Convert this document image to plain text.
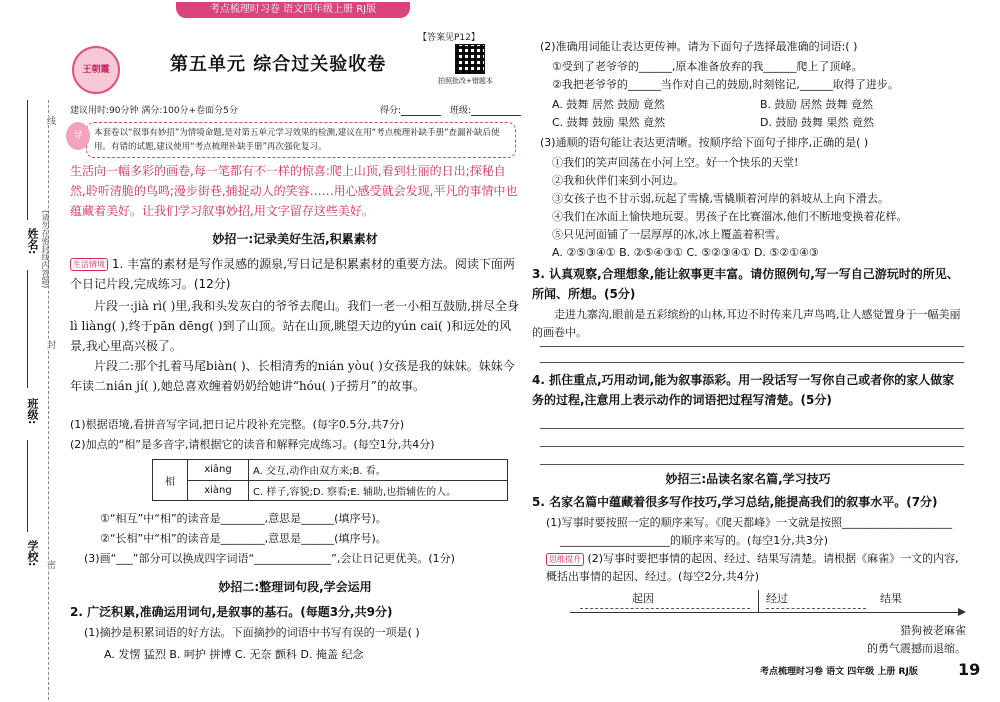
考点梳理时习卷 语文四年级上册 RJ版
王朝霞	第五单元 综合过关验收卷
【答案见P12】
拍照批改+错题本
建议用时:90分钟 满分:100分+卷面分5分	得分:	班级:
姓名:
班级:
学校:
(请勿在密封线内答题)
线
封
密
导	本套卷以“叙事有妙招”为情境命题,是对第五单元学习效果的检测,建议在用“考点梳理补缺手册”查漏补缺后使用。有错的试题,建议使用“考点梳理补缺手册”再次强化复习。
生活向一幅多彩的画卷,每一笔都有不一样的惊喜:爬上山顶,看到壮丽的日出;探秘自然,聆听清脆的鸟鸣;漫步街巷,捕捉动人的笑容……用心感受就会发现,平凡的事情中也蕴藏着美好。让我们学习叙事妙招,用文字留存这些美好。
妙招一:记录美好生活,积累素材
生活情境 1. 丰富的素材是写作灵感的源泉,写日记是积累素材的重要方法。阅读下面两个日记片段,完成练习。(12分)
片段一:jià rì( )里,我和头发灰白的爷爷去爬山。我们一老一小相互鼓励,拼尽全身lì liàng( ),终于pān dēng( )到了山顶。站在山顶,眺望天边的yún cai( )和远处的风景,我心里高兴极了。
片段二:那个扎着马尾biàn( )、长相清秀的nián yòu( )女孩是我的妹妹。妹妹今年读二nián jí( ),她总喜欢缠着奶奶给她讲“hóu( )子捞月”的故事。
(1)根据语境,看拼音写字词,把日记片段补充完整。(每字0.5分,共7分)
(2)加点的“相”是多音字,请根据它的读音和解释完成练习。(每空1分,共4分)
相	xiāng	A. 交互,动作由双方来;B. 看。
	xiàng	C. 样子,容貌;D. 察看;E. 辅助,也指辅佐的人。
①“相互”中“相”的读音是________,意思是______(填序号)。
②“长相”中“相”的读音是________,意思是______(填序号)。
(3)画“___”部分可以换成四字词语“______________”,会让日记更优美。(1分)
妙招二:整理词句段,学会运用
2. 广泛积累,准确运用词句,是叙事的基石。(每题3分,共9分)
(1)摘抄是积累词语的好方法。下面摘抄的词语中书写有误的一项是( )
A. 发愣 猛烈 B. 呵护 拼博 C. 无奈 颤科 D. 掩盖 纪念
(2)准确用词能让表达更传神。请为下面句子选择最准确的词语:( )
①受到了老爷爷的______,原本准备放弃的我______爬上了顶峰。
②我把老爷爷的______当作对自己的鼓励,时刻铭记,______取得了进步。
A. 鼓舞 居然 鼓励 竟然	B. 鼓励 居然 鼓舞 竟然
C. 鼓舞 鼓励 果然 竟然	D. 鼓励 鼓舞 果然 竟然
(3)通顺的语句能让表达更清晰。按顺序给下面句子排序,正确的是( )
①我们的笑声回荡在小河上空。好一个快乐的天堂!
②我和伙伴们来到小河边。
③女孩子也不甘示弱,玩起了雪橇,雪橇顺着河岸的斜坡从上向下滑去。
④我们在冰面上愉快地玩耍。男孩子在比赛溜冰,他们不断地变换着花样。
⑤只见河面铺了一层厚厚的冰,冰上覆盖着积雪。
A. ②⑤③④① B. ②⑤④③① C. ⑤②③④① D. ⑤②①④③
3. 认真观察,合理想象,能让叙事更丰富。请仿照例句,写一写自己游玩时的所见、所闻、所想。(5分)
走进九寨沟,眼前是五彩缤纷的山林,耳边不时传来几声鸟鸣,让人感觉置身于一幅美丽的画卷中。
4. 抓住重点,巧用动词,能为叙事添彩。用一段话写一写你自己或者你的家人做家务的过程,注意用上表示动作的词语把过程写清楚。(5分)
妙招三:品读名家名篇,学习技巧
5. 名家名篇中蕴藏着很多写作技巧,学习总结,能提高我们的叙事水平。(7分)
(1)写事时要按照一定的顺序来写。《爬天都峰》一文就是按照____________________
____________________的顺序来写的。(每空1分,共3分)
思维提升 (2)写事时要把事情的起因、经过、结果写清楚。请根据《麻雀》一文的内容,概括出事情的起因、经过。(每空2分,共4分)
起因	经过	结果
猎狗被老麻雀
的勇气震撼而退缩。
考点梳理时习卷 语文 四年级 上册 RJ版	19
